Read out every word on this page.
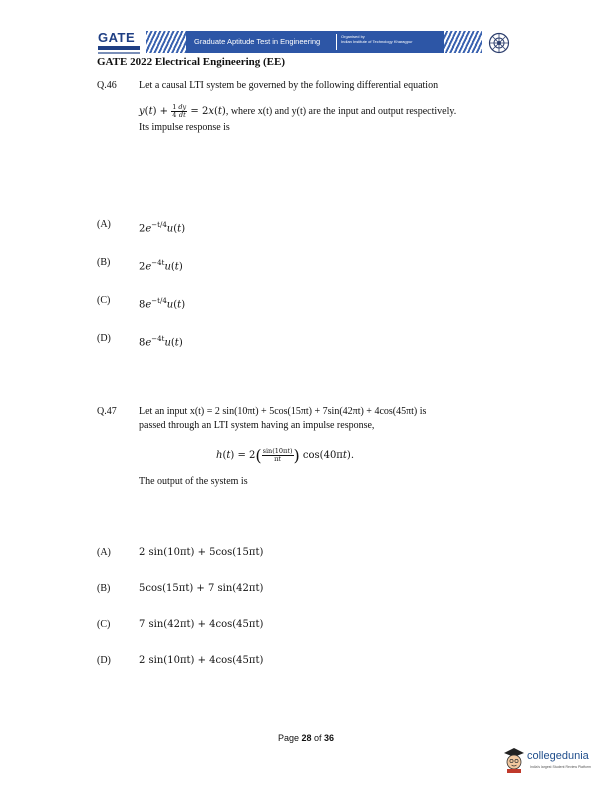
GATE	Graduate Aptitude Test in Engineering
Organised by
Indian Institute of Technology Kharagpur
GATE 2022 Electrical Engineering (EE)
Q.46 Let a causal LTI system be governed by the following differential equation
$y(t) + \frac{1}{4} \frac{dy}{dt} = 2x(t)$, where x(t) and y(t) are the input and output respectively.
Its impulse response is
(A)	$2e^{-t/4}u(t)$
(B)	$2e^{-4t}u(t)$
(C)	$8e^{-t/4}u(t)$
(D)	$8e^{-4t}u(t)$
Q.47 Let an input x(t) = 2 sin(10πt) + 5cos(15πt) + 7sin(42πt) + 4cos(45πt) is
passed through an LTI system having an impulse response,
$h(t) = 2( \frac{\sin(10\pi t)}{\pi t}$ ) cos(40πt).
The output of the system is
(A)	2 sin(10πt) + 5cos(15πt)
(B)	5cos(15πt) + 7 sin(42πt)
(C)	7 sin(42πt) + 4cos(45πt)
(D)	2 sin(10πt) + 4cos(45πt)
Page 28 of 36
collegedunia
India's largest Student Review Platform
